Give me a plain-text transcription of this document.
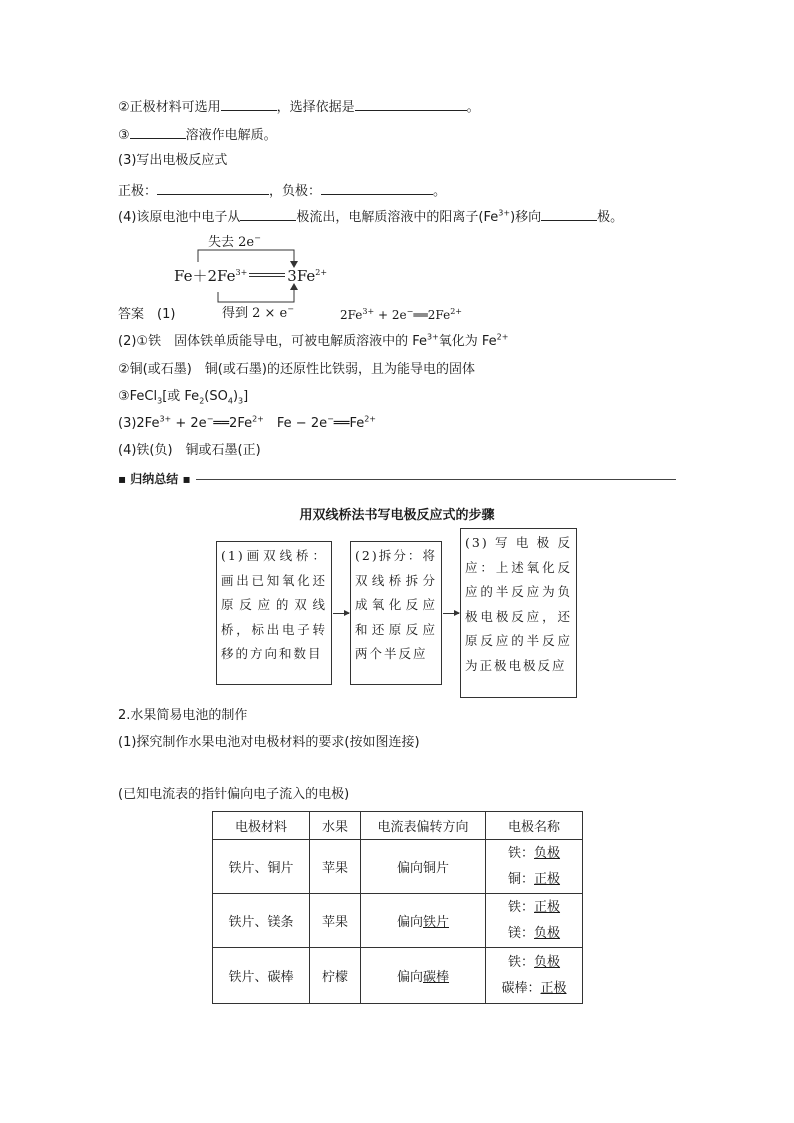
②正极材料可选用	，选择依据是	。
③	溶液作电解质。
(3)写出电极反应式
正极：	，负极：	。
(4)该原电池中电子从	极流出，电解质溶液中的阳离子$(Fe^{3+})$移向	极。
失去 2e−
$Fe+2Fe^{3+}$	$3Fe^{2+}$
得到 2 × e−
答案　 (1)	$2Fe^{3+}$ + $2e^-══2Fe^{2+}$
(2)①铁　固体铁单质能导电，可被电解质溶液中的 $Fe^{3+}$氧化为 $Fe^{2+}$
②铜(或石墨)　铜(或石墨)的还原性比铁弱，且为能导电的固体
③FeCl$_3$[或 $Fe_2(SO_4)_3$]
$(3)2Fe^{3+}$ + $2e^-══2Fe^{2+}$　$Fe - 2e^-══Fe^{2+}$
(4)铁(负)　铜或石墨(正)
▪ 归纳总结 ▪
用双线桥法书写电极反应式的步骤
(1)画双线桥：画出已知氧化还原反应的双线桥，标出电子转移的方向和数目
(2)拆分：将双线桥拆分成氧化反应和还原反应两个半反应
(3)写电极反应：上述氧化反应的半反应为负极电极反应，还原反应的半反应为正极电极反应
2.水果简易电池的制作
(1)探究制作水果电池对电极材料的要求(按如图连接)
(已知电流表的指针偏向电子流入的电极)
电极材料	水果	电流表偏转方向	电极名称
铁片、铜片	苹果	偏向铜片	铁：负极
铜：正极

铁片、镁条	苹果	偏向铁片	铁：正极
镁：负极

铁片、碳棒	柠檬	偏向碳棒	铁：负极
碳棒：正极
